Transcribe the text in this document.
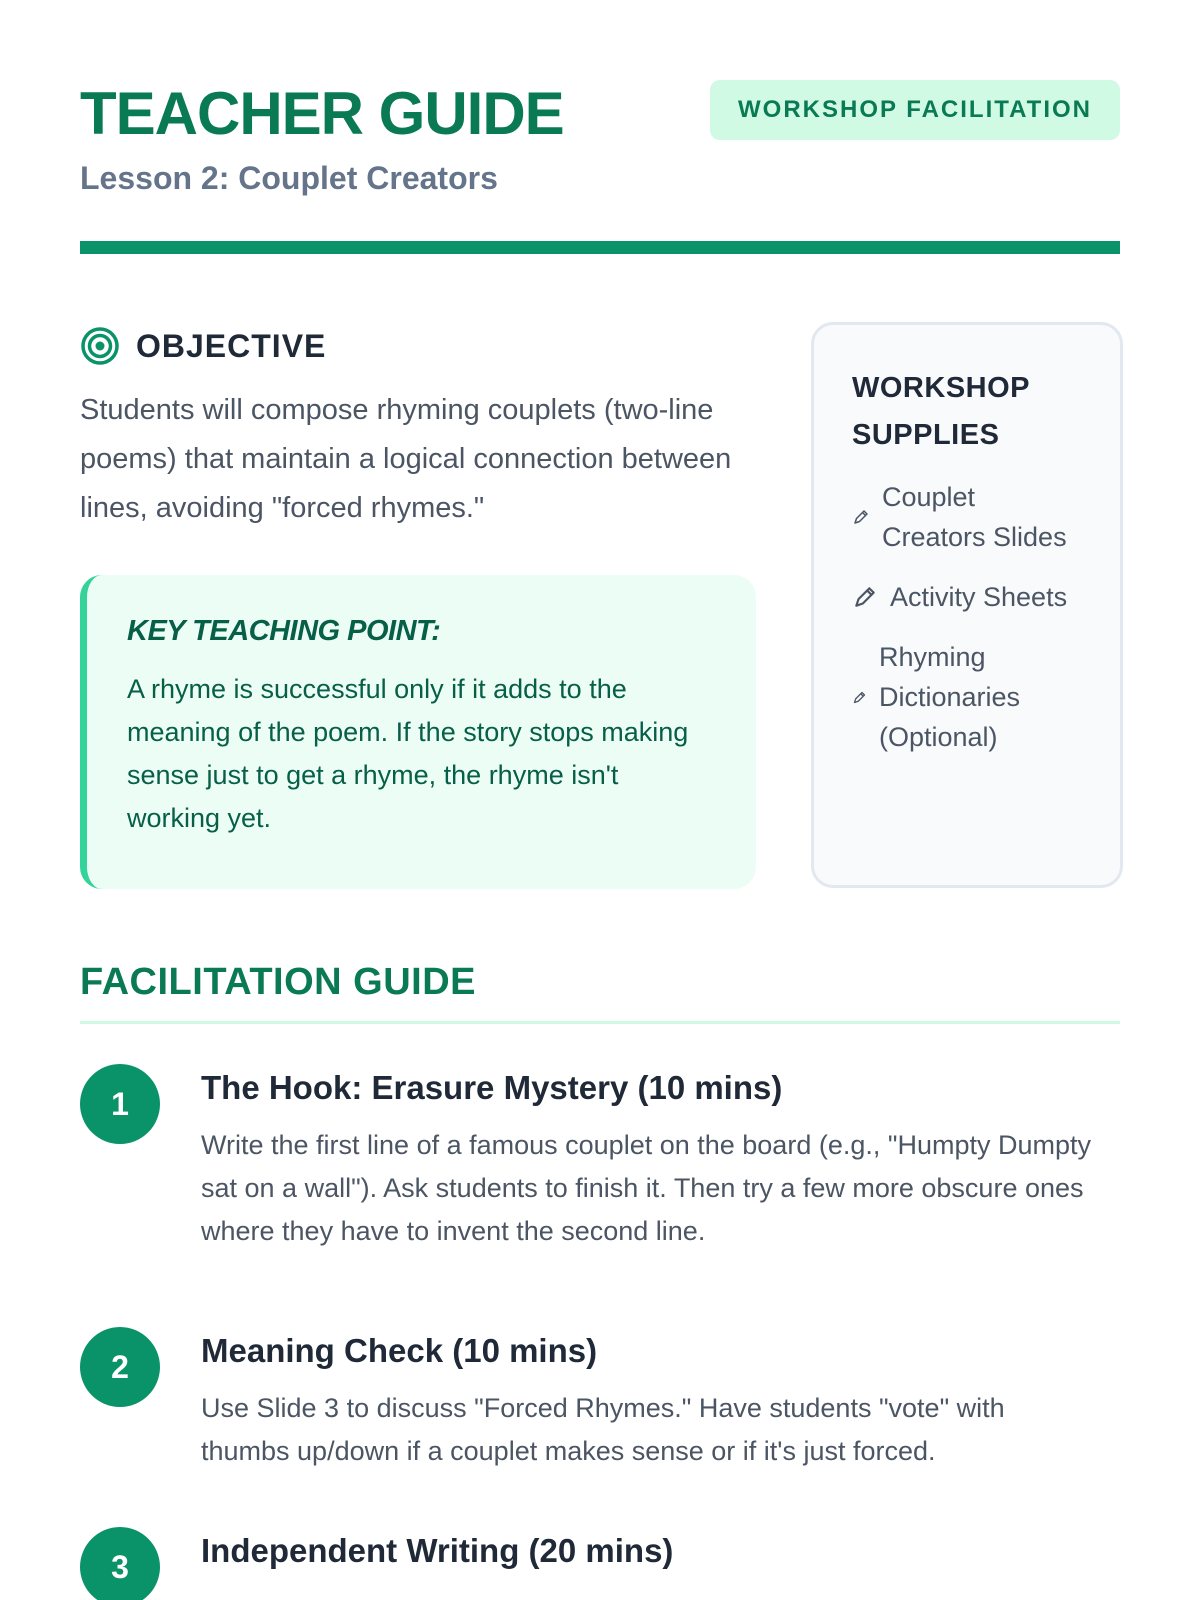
TEACHER GUIDE
Lesson 2: Couplet Creators
WORKSHOP FACILITATION
OBJECTIVE

Students will compose rhyming couplets (two-line poems) that maintain a logical connection between lines, avoiding "forced rhymes."

KEY TEACHING POINT:

A rhyme is successful only if it adds to the meaning of the poem. If the story stops making sense just to get a rhyme, the rhyme isn't working yet.

WORKSHOP SUPPLIES
Couplet Creators Slides
Activity Sheets
Rhyming Dictionaries (Optional)
FACILITATION GUIDE
1	The Hook: Erasure Mystery (10 mins)

Write the first line of a famous couplet on the board (e.g., "Humpty Dumpty sat on a wall"). Ask students to finish it. Then try a few more obscure ones where they have to invent the second line.

2	Meaning Check (10 mins)

Use Slide 3 to discuss "Forced Rhymes." Have students "vote" with thumbs up/down if a couplet makes sense or if it's just forced.

3	Independent Writing (20 mins)
